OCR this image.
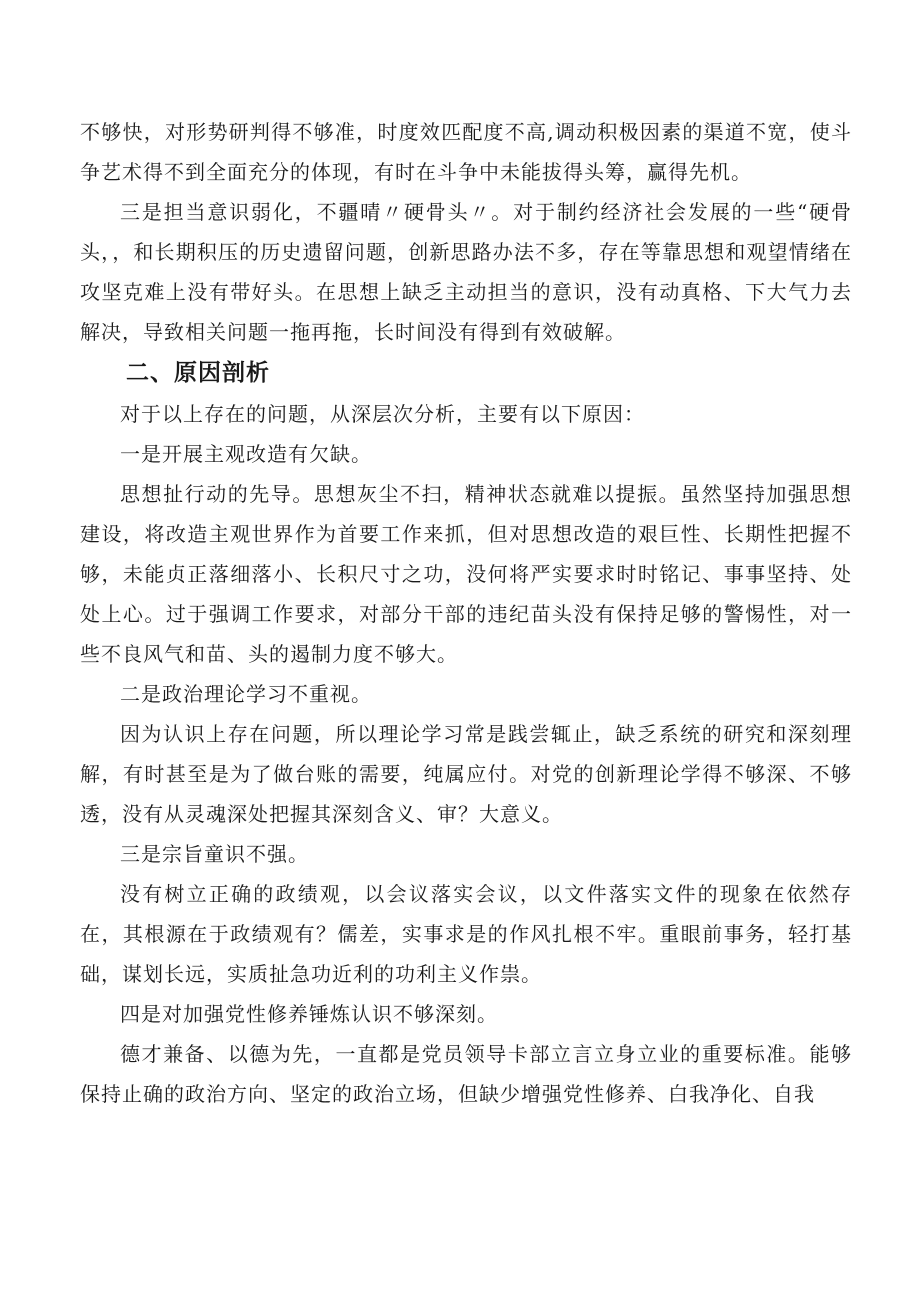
不够快，对形势研判得不够准，时度效匹配度不高,调动积极因素的渠道不宽，使斗争艺术得不到全面充分的体现，有时在斗争中未能拔得头筹，赢得先机。

三是担当意识弱化，不疆晴〃硬骨头〃。对于制约经济社会发展的一些“硬骨头，，和长期积压的历史遗留问题，创新思路办法不多，存在等靠思想和观望情绪在攻坚克难上没有带好头。在思想上缺乏主动担当的意识，没有动真格、下大气力去解决，导致相关问题一拖再拖，长时间没有得到有效破解。

二、原因剖析

对于以上存在的问题，从深层次分析，主要有以下原因：

一是开展主观改造有欠缺。

思想扯行动的先导。思想灰尘不扫，精神状态就难以提振。虽然坚持加强思想建设，将改造主观世界作为首要工作来抓，但对思想改造的艰巨性、长期性把握不够，未能贞正落细落小、长积尺寸之功，没何将严实要求时时铭记、事事坚持、处处上心。过于强调工作要求，对部分干部的违纪苗头没有保持足够的警惕性，对一些不良风气和苗、头的遏制力度不够大。

二是政治理论学习不重视。

因为认识上存在问题，所以理论学习常是践尝辄止，缺乏系统的研究和深刻理解，有时甚至是为了做台账的需要，纯属应付。对党的创新理论学得不够深、不够透，没有从灵魂深处把握其深刻含义、审？大意义。

三是宗旨童识不强。

没有树立正确的政绩观，以会议落实会议，以文件落实文件的现象在依然存在，其根源在于政绩观有？儒差，实事求是的作风扎根不牢。重眼前事务，轻打基础，谋划长远，实质扯急功近利的功利主义作祟。

四是对加强党性修养锤炼认识不够深刻。

德才兼备、以德为先，一直都是党员领导卡部立言立身立业的重要标准。能够保持止确的政治方向、坚定的政治立场，但缺少增强党性修养、白我净化、自我
